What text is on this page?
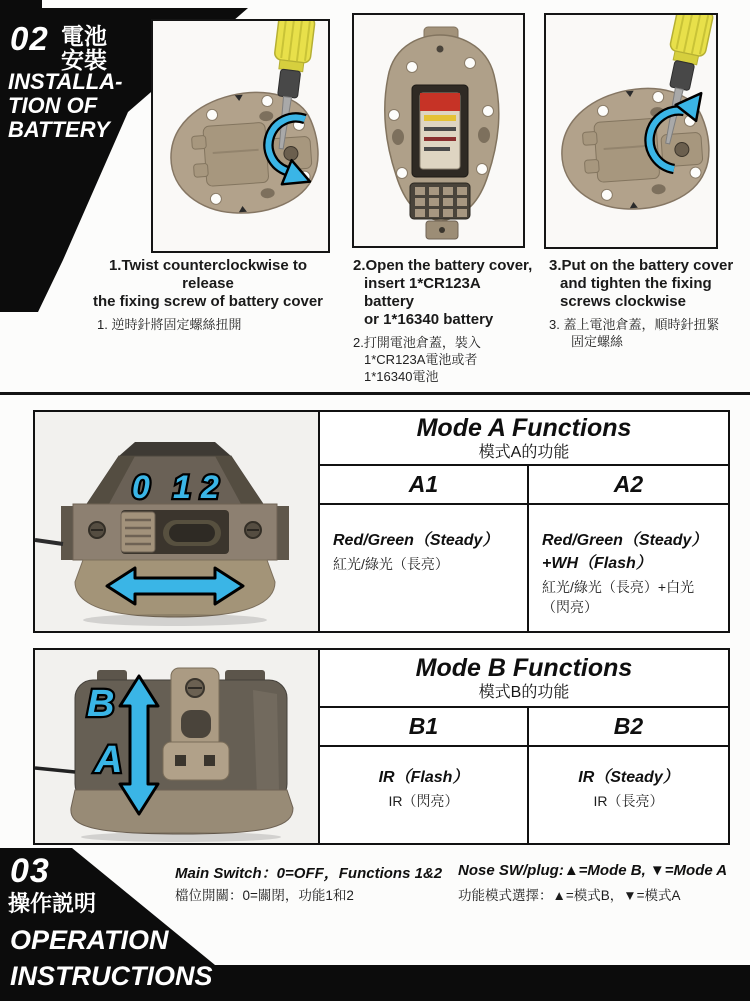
02 電池
安裝
INSTALLA-
TION OF
BATTERY
1.Twist counterclockwise to release
the fixing screw of battery cover
1. 逆時針將固定螺絲扭開
2.Open the battery cover,
insert 1*CR123A battery
or 1*16340 battery
2.打開電池倉蓋，裝入
1*CR123A電池或者
1*16340電池
3.Put on the battery cover
and tighten the fixing
screws clockwise
3. 蓋上電池倉蓋，順時針扭緊
固定螺絲
0 1 2
Mode A Functions
模式A的功能
A1	A2
Red/Green（Steady）
紅光/綠光（長亮）
Red/Green（Steady）
+WH（Flash）
紅光/綠光（長亮）+白光
（閃亮）
B
A
Mode B Functions
模式B的功能
B1	B2
IR（Flash）
IR（閃亮）
IR（Steady）
IR（長亮）
03
操作説明
OPERATION
INSTRUCTIONS
Main Switch：0=OFF，Functions 1&2
檔位開關：0=關閉，功能1和2
Nose SW/plug:▲=Mode B, ▼=Mode A
功能模式選擇：▲=模式B，▼=模式A
